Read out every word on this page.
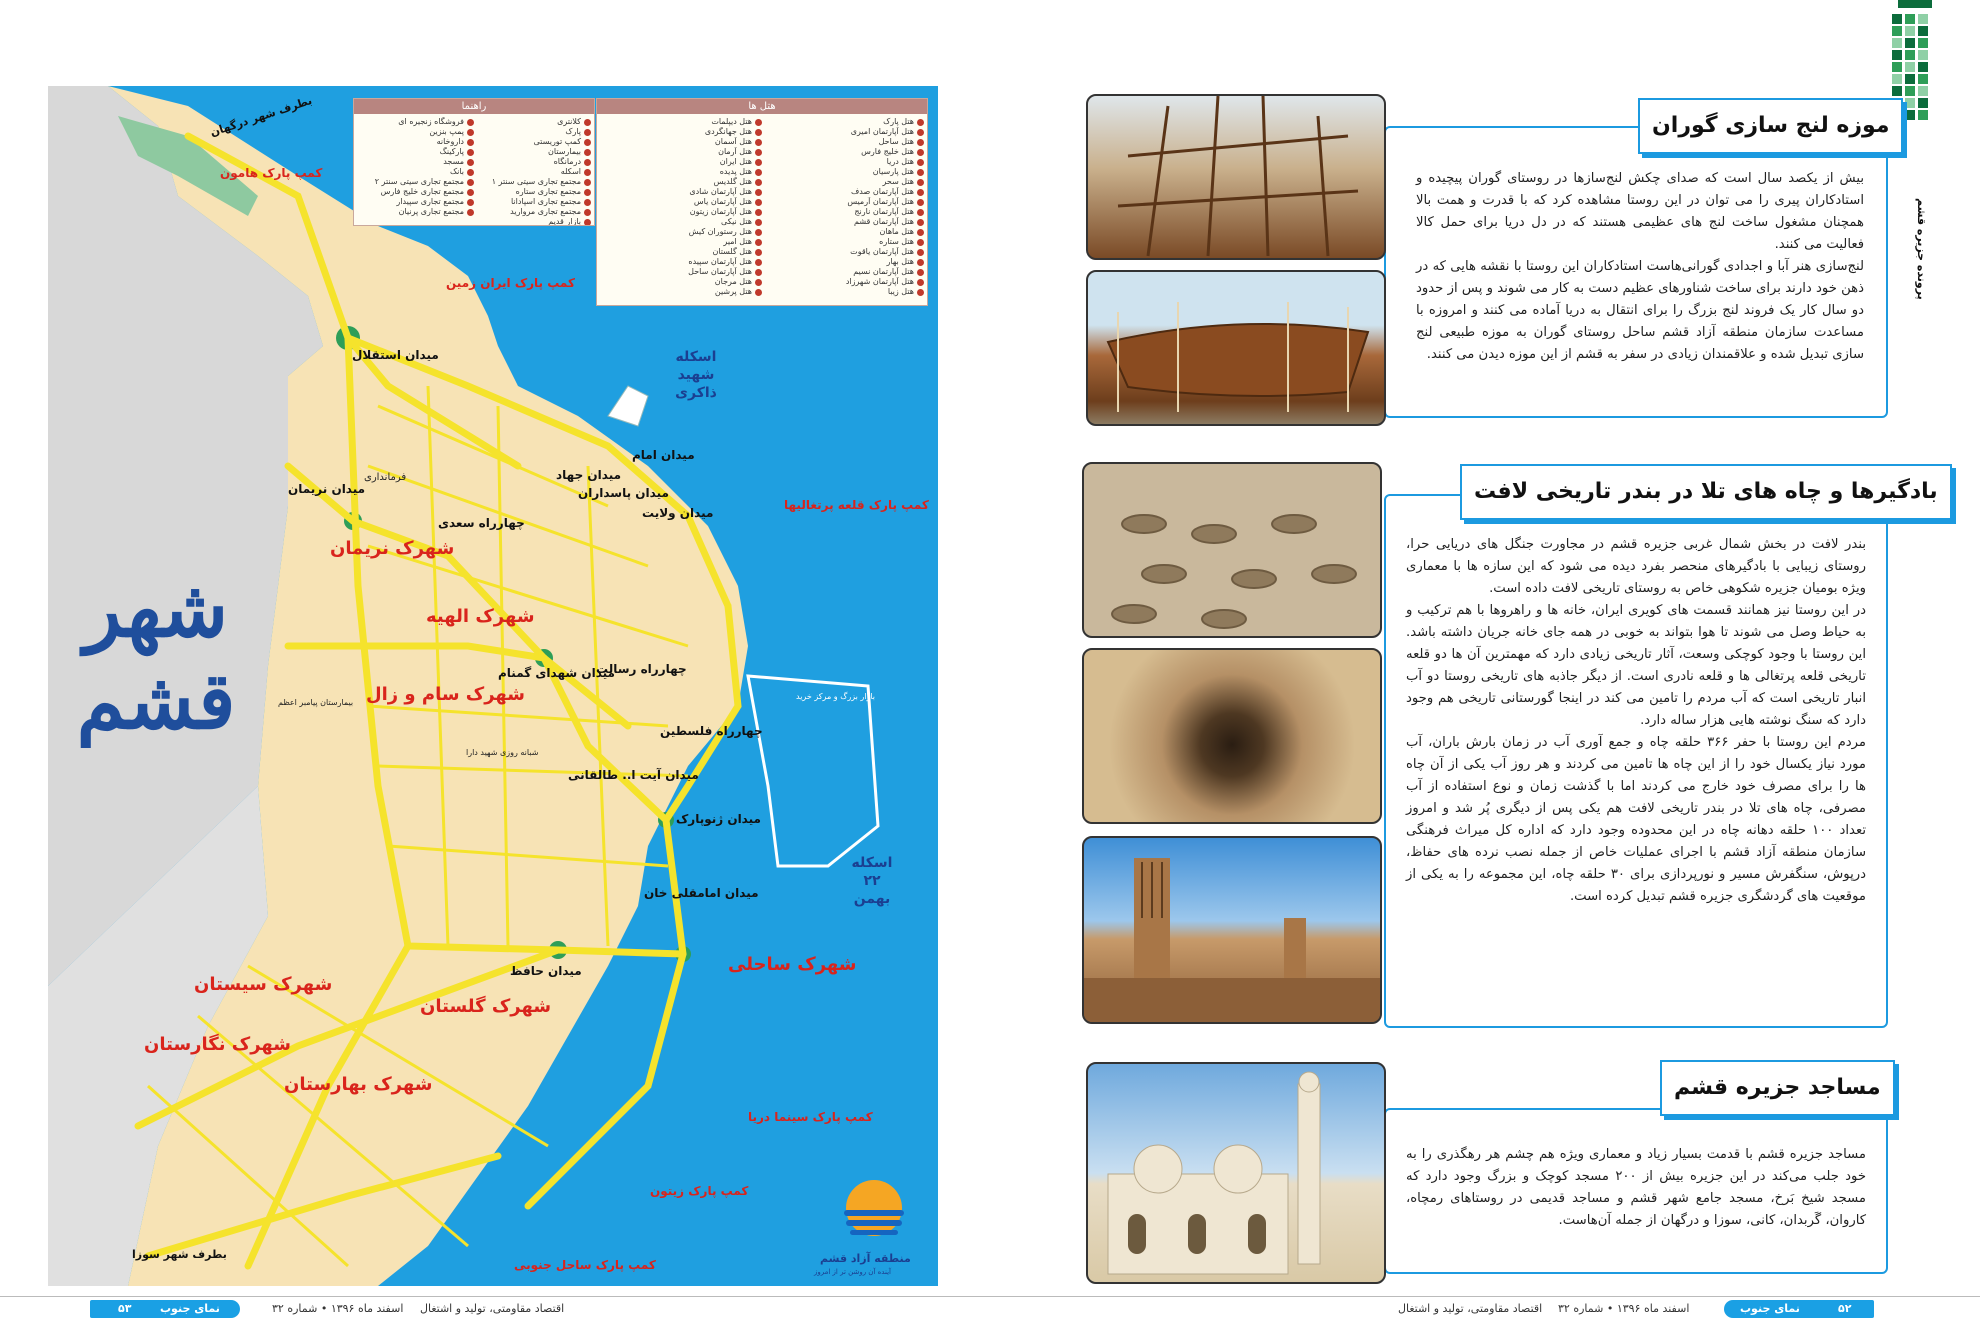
شهر
قشم
راهنما
کلانتری
فروشگاه زنجیره ای
پارک
پمپ بنزین
کمپ توریستی
داروخانه
بیمارستان
پارکینگ
درمانگاه
مسجد
اسکله
بانک
مجتمع تجاری سیتی سنتر ۱
مجتمع تجاری سیتی سنتر ۲
مجتمع تجاری ستاره
مجتمع تجاری خلیج فارس
مجتمع تجاری اسپادانا
مجتمع تجاری سپیدار
مجتمع تجاری مروارید
مجتمع تجاری پرنیان
بازار قدیم
هتل ها
هتل پارک
هتل دیپلمات
هتل آپارتمان امیری
هتل جهانگردی
هتل ساحل
هتل آسمان
هتل خلیج فارس
هتل آرمان
هتل دریا
هتل ایران
هتل پارسیان
هتل پدیده
هتل سحر
هتل گلدیس
هتل آپارتمان صدف
هتل آپارتمان شادی
هتل آپارتمان آرمیس
هتل آپارتمان یاس
هتل آپارتمان نارنج
هتل آپارتمان زیتون
هتل آپارتمان قشم
هتل نیکی
هتل ماهان
هتل رستوران کیش
هتل ستاره
هتل امیر
هتل آپارتمان یاقوت
هتل گلستان
هتل بهار
هتل آپارتمان سپیده
هتل آپارتمان نسیم
هتل آپارتمان ساحل
هتل آپارتمان شهرزاد
هتل مرجان
هتل زیبا
هتل پرشین
میدان استقلال
میدان امام
میدان جهاد
میدان پاسداران
میدان ولایت
میدان نریمان
چهارراه سعدی
میدان شهدای گمنام
چهارراه رسالت
چهارراه فلسطین
میدان آیت ا.. طالقانی
میدان ژنوپارک
میدان امامقلی خان
میدان حافظ
شهرک نریمان
شهرک الهیه
شهرک سام و زال
شهرک ساحلی
شهرک سیستان
شهرک گلستان
شهرک نگارستان
شهرک بهارستان
کمپ پارک هامون
کمپ پارک ایران زمین
کمپ پارک قلعه پرتغالیها
کمپ پارک سینما دریا
کمپ پارک زیتون
کمپ پارک ساحل جنوبی
اسکله شهید ذاکری
اسکله ۲۲ بهمن
بطرف شهر درگهان
بطرف شهر سوزا
فرمانداری
بیمارستان پیامبر اعظم
بازار بزرگ و مرکز خرید
شبانه روزی شهید دارا
منطقه آزاد قشم
آینده آن روشن تر از امروز
پرونده جزیره قشم
موزه لنج سازی گوران

بیش از یکصد سال است که صدای چکش لنج‌سازها در روستای گوران پیچیده و استادکاران پیری را می توان در این روستا مشاهده کرد که با قدرت و همت بالا همچنان مشغول ساخت لنج های عظیمی هستند که در دل دریا برای حمل کالا فعالیت می کنند.

لنج‌سازی هنر آبا و اجدادی گورانی‌هاست استادکاران این روستا با نقشه هایی که در ذهن خود دارند برای ساخت شناورهای عظیم دست به کار می شوند و پس از حدود دو سال کار یک فروند لنج بزرگ را برای انتقال به دریا آماده می کنند و امروزه با مساعدت سازمان منطقه آزاد قشم ساحل روستای گوران به موزه طبیعی لنج سازی تبدیل شده و علاقمندان زیادی در سفر به قشم از این موزه دیدن می کنند.

بادگیرها و چاه های تلا در بندر تاریخی لافت

بندر لافت در بخش شمال غربی جزیره قشم در مجاورت جنگل های دریایی حرا، روستای زیبایی با بادگیرهای منحصر بفرد دیده می شود که این سازه ها با معماری ویژه بومیان جزیره شکوهی خاص به روستای تاریخی لافت داده است.

در این روستا نیز همانند قسمت های کویری ایران، خانه ها و راهروها با هم ترکیب و به حیاط وصل می شوند تا هوا بتواند به خوبی در همه جای خانه جریان داشته باشد. این روستا با وجود کوچکی وسعت، آثار تاریخی زیادی دارد که مهمترین آن ها دو قلعه تاریخی قلعه پرتغالی ها و قلعه نادری است. از دیگر جاذبه های تاریخی روستا دو آب انبار تاریخی است که آب مردم را تامین می کند در اینجا گورستانی تاریخی هم وجود دارد که سنگ نوشته هایی هزار ساله دارد.

مردم این روستا با حفر ۳۶۶ حلقه چاه و جمع آوری آب در زمان بارش باران، آب مورد نیاز یکسال خود را از این چاه ها تامین می کردند و هر روز آب یکی از آن چاه ها را برای مصرف خود خارج می کردند اما با گذشت زمان و نوع استفاده از آب مصرفی، چاه های تلا در بندر تاریخی لافت هم یکی پس از دیگری پُر شد و امروز تعداد ۱۰۰ حلقه دهانه چاه در این محدوده وجود دارد که اداره کل میراث فرهنگی سازمان منطقه آزاد قشم با اجرای عملیات خاص از جمله نصب نرده های حفاظ، درپوش، سنگفرش مسیر و نورپردازی برای ۳۰ حلقه چاه، این مجموعه را به یکی از موقعیت های گردشگری جزیره قشم تبدیل کرده است.

مساجد جزیره قشم

مساجد جزیره قشم با قدمت بسیار زیاد و معماری ویژه هم چشم هر رهگذری را به خود جلب می‌کند در این جزیره بیش از ۲۰۰ مسجد کوچک و بزرگ وجود دارد که مسجد شیخ بَرخ، مسجد جامع شهر قشم و مساجد قدیمی در روستاهای رمچاه، کاروان، گَربدان، کانی، سوزا و درگهان از جمله آن‌هاست.

۵۳	نمای جنوب	اسفند ماه ۱۳۹۶ • شماره ۳۲ اقتصاد مقاومتی، تولید و اشتغال	اقتصاد مقاومتی، تولید و اشتغال اسفند ماه ۱۳۹۶ • شماره ۳۲	نمای جنوب	۵۲
